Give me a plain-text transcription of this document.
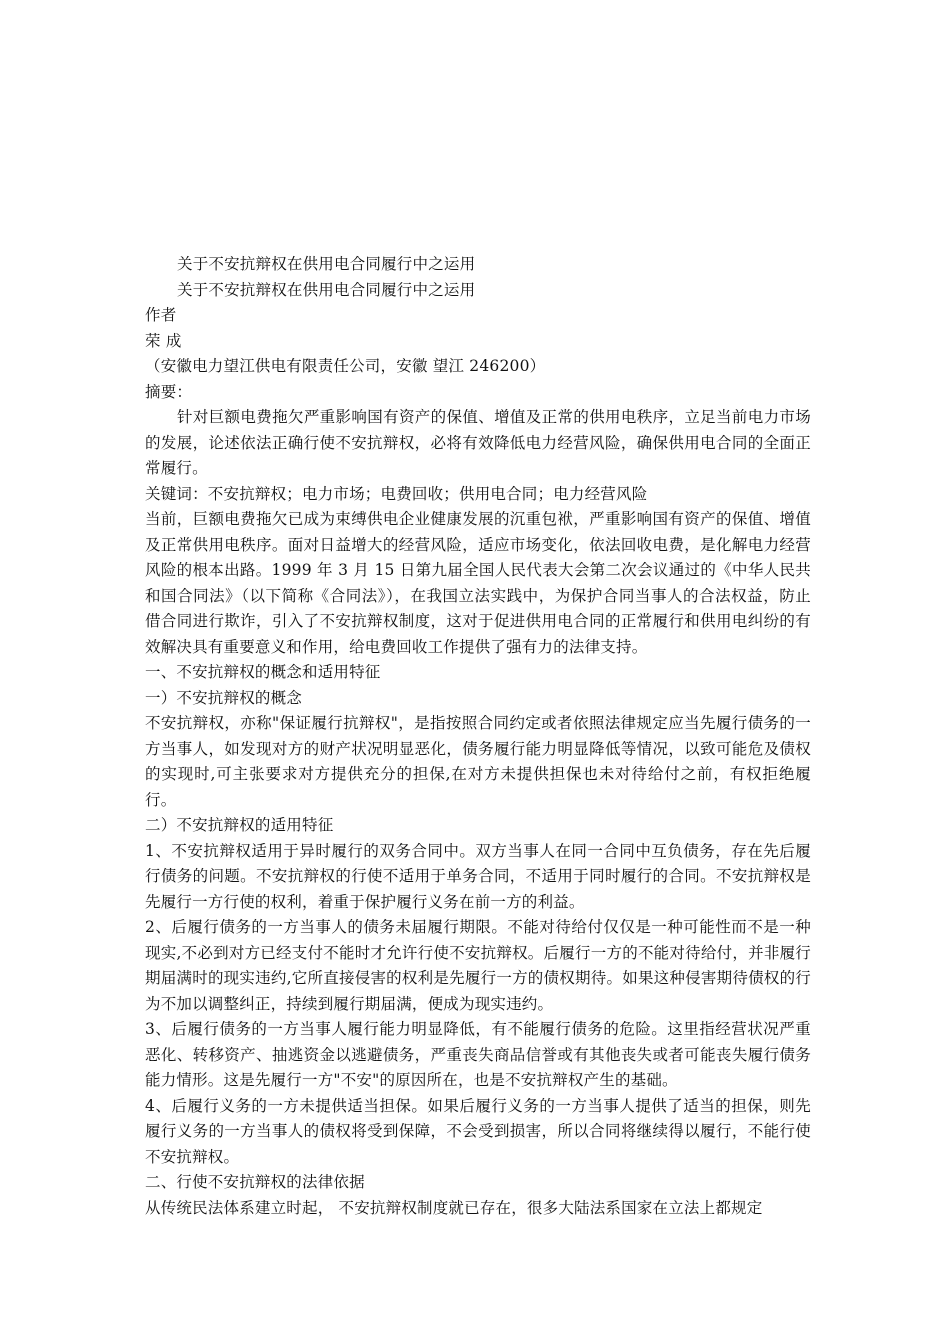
关于不安抗辩权在供用电合同履行中之运用

关于不安抗辩权在供用电合同履行中之运用

作者

荣 成

（安徽电力望江供电有限责任公司，安徽 望江 246200）

摘要：

针对巨额电费拖欠严重影响国有资产的保值、增值及正常的供用电秩序，立足当前电力市场的发展，论述依法正确行使不安抗辩权，必将有效降低电力经营风险，确保供用电合同的全面正常履行。

关键词：不安抗辩权；电力市场；电费回收；供用电合同；电力经营风险

当前，巨额电费拖欠已成为束缚供电企业健康发展的沉重包袱，严重影响国有资产的保值、增值及正常供用电秩序。面对日益增大的经营风险，适应市场变化，依法回收电费，是化解电力经营风险的根本出路。1999 年 3 月 15 日第九届全国人民代表大会第二次会议通过的《中华人民共和国合同法》（以下简称《合同法》），在我国立法实践中，为保护合同当事人的合法权益，防止借合同进行欺诈，引入了不安抗辩权制度，这对于促进供用电合同的正常履行和供用电纠纷的有效解决具有重要意义和作用，给电费回收工作提供了强有力的法律支持。

一、不安抗辩权的概念和适用特征

一）不安抗辩权的概念

不安抗辩权，亦称"保证履行抗辩权"，是指按照合同约定或者依照法律规定应当先履行债务的一方当事人，如发现对方的财产状况明显恶化，债务履行能力明显降低等情况，以致可能危及债权的实现时,可主张要求对方提供充分的担保,在对方未提供担保也未对待给付之前，有权拒绝履行。

二）不安抗辩权的适用特征

1、不安抗辩权适用于异时履行的双务合同中。双方当事人在同一合同中互负债务，存在先后履行债务的问题。不安抗辩权的行使不适用于单务合同，不适用于同时履行的合同。不安抗辩权是先履行一方行使的权利，着重于保护履行义务在前一方的利益。

2、后履行债务的一方当事人的债务未届履行期限。不能对待给付仅仅是一种可能性而不是一种现实,不必到对方已经支付不能时才允许行使不安抗辩权。后履行一方的不能对待给付，并非履行期届满时的现实违约,它所直接侵害的权利是先履行一方的债权期待。如果这种侵害期待债权的行为不加以调整纠正，持续到履行期届满，便成为现实违约。

3、后履行债务的一方当事人履行能力明显降低，有不能履行债务的危险。这里指经营状况严重恶化、转移资产、抽逃资金以逃避债务，严重丧失商品信誉或有其他丧失或者可能丧失履行债务能力情形。这是先履行一方"不安"的原因所在，也是不安抗辩权产生的基础。

4、后履行义务的一方未提供适当担保。如果后履行义务的一方当事人提供了适当的担保，则先履行义务的一方当事人的债权将受到保障，不会受到损害，所以合同将继续得以履行，不能行使不安抗辩权。

二、行使不安抗辩权的法律依据

从传统民法体系建立时起， 不安抗辩权制度就已存在，很多大陆法系国家在立法上都规定
